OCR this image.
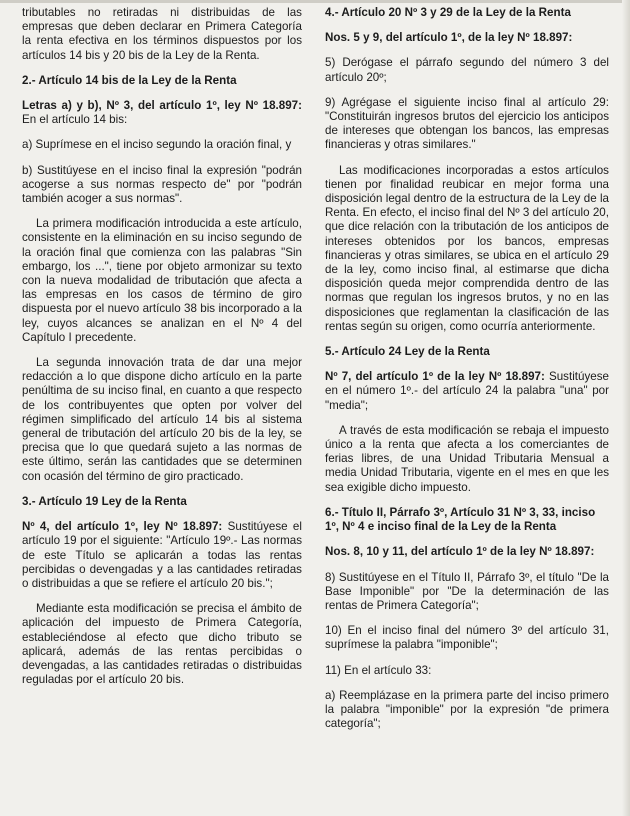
tributables no retiradas ni distribuidas de las empresas que deben declarar en Primera Categoría la renta efectiva en los términos dispuestos por los artículos 14 bis y 20 bis de la Ley de la Renta.

2.- Artículo 14 bis de la Ley de la Renta

Letras a) y b), Nº 3, del artículo 1º, ley Nº 18.897: En el artículo 14 bis:

a) Suprímese en el inciso segundo la oración final, y

b) Sustitúyese en el inciso final la expresión "podrán acogerse a sus normas respecto de" por "podrán también acoger a sus normas".

La primera modificación introducida a este artículo, consistente en la eliminación en su inciso segundo de la oración final que comienza con las palabras "Sin embargo, los ...", tiene por objeto armonizar su texto con la nueva modalidad de tributación que afecta a las empresas en los casos de término de giro dispuesta por el nuevo artículo 38 bis incorporado a la ley, cuyos alcances se analizan en el Nº 4 del Capítulo I precedente.

La segunda innovación trata de dar una mejor redacción a lo que dispone dicho artículo en la parte penúltima de su inciso final, en cuanto a que respecto de los contribuyentes que opten por volver del régimen simplificado del artículo 14 bis al sistema general de tributación del artículo 20 bis de la ley, se precisa que lo que quedará sujeto a las normas de este último, serán las cantidades que se determinen con ocasión del término de giro practicado.

3.- Artículo 19 Ley de la Renta

Nº 4, del artículo 1º, ley Nº 18.897: Sustitúyese el artículo 19 por el siguiente: "Artículo 19º.- Las normas de este Título se aplicarán a todas las rentas percibidas o devengadas y a las cantidades retiradas o distribuidas a que se refiere el artículo 20 bis.";

Mediante esta modificación se precisa el ámbito de aplicación del impuesto de Primera Categoría, estableciéndose al efecto que dicho tributo se aplicará, además de las rentas percibidas o devengadas, a las cantidades retiradas o distribuidas reguladas por el artículo 20 bis.

4.- Artículo 20 Nº 3 y 29 de la Ley de la Renta

Nos. 5 y 9, del artículo 1º, de la ley Nº 18.897:

5) Derógase el párrafo segundo del número 3 del artículo 20º;

9) Agrégase el siguiente inciso final al artículo 29: "Constituirán ingresos brutos del ejercicio los anticipos de intereses que obtengan los bancos, las empresas financieras y otras similares."

Las modificaciones incorporadas a estos artículos tienen por finalidad reubicar en mejor forma una disposición legal dentro de la estructura de la Ley de la Renta. En efecto, el inciso final del Nº 3 del artículo 20, que dice relación con la tributación de los anticipos de intereses obtenidos por los bancos, empresas financieras y otras similares, se ubica en el artículo 29 de la ley, como inciso final, al estimarse que dicha disposición queda mejor comprendida dentro de las normas que regulan los ingresos brutos, y no en las disposiciones que reglamentan la clasificación de las rentas según su origen, como ocurría anteriormente.

5.- Artículo 24 Ley de la Renta

Nº 7, del artículo 1º de la ley Nº 18.897: Sustitúyese en el número 1º.- del artículo 24 la palabra "una" por "media";

A través de esta modificación se rebaja el impuesto único a la renta que afecta a los comerciantes de ferias libres, de una Unidad Tributaria Mensual a media Unidad Tributaria, vigente en el mes en que les sea exigible dicho impuesto.

6.- Título II, Párrafo 3º, Artículo 31 Nº 3, 33, inciso 1º, Nº 4 e inciso final de la Ley de la Renta

Nos. 8, 10 y 11, del artículo 1º de la ley Nº 18.897:

8) Sustitúyese en el Título II, Párrafo 3º, el título "De la Base Imponible" por "De la determinación de las rentas de Primera Categoría";

10) En el inciso final del número 3º del artículo 31, suprímese la palabra "imponible";

11) En el artículo 33:

a) Reemplázase en la primera parte del inciso primero la palabra "imponible" por la expresión "de primera categoría";
